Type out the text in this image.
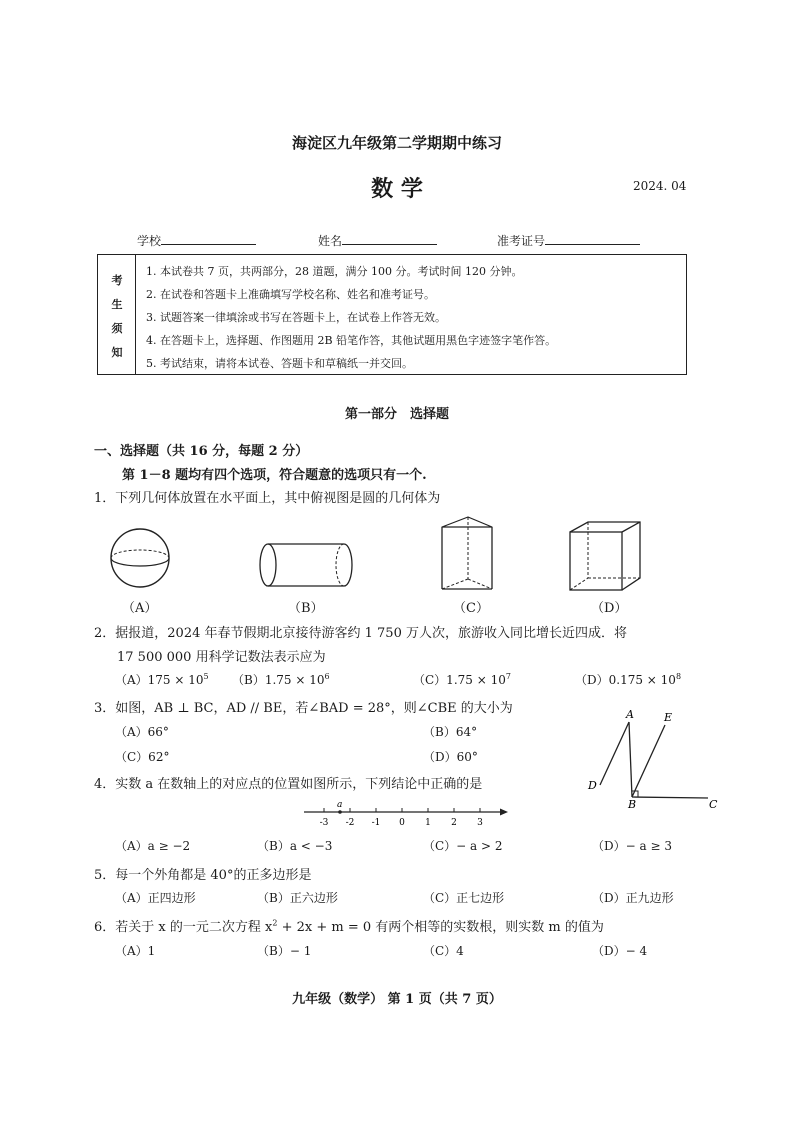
海淀区九年级第二学期期中练习
数 学	2024. 04
学校	姓名	准考证号
考
生
须
知
1. 本试卷共 7 页，共两部分，28 道题，满分 100 分。考试时间 120 分钟。
2. 在试卷和答题卡上准确填写学校名称、姓名和准考证号。
3. 试题答案一律填涂或书写在答题卡上，在试卷上作答无效。
4. 在答题卡上，选择题、作图题用 2B 铅笔作答，其他试题用黑色字迹签字笔作答。
5. 考试结束，请将本试卷、答题卡和草稿纸一并交回。
第一部分　选择题
一、选择题（共 16 分，每题 2 分）
第 1－8 题均有四个选项，符合题意的选项只有一个.
1．下列几何体放置在水平面上，其中俯视图是圆的几何体为
（A）	（B）	（C）	（D）
2．据报道，2024 年春节假期北京接待游客约 1 750 万人次，旅游收入同比增长近四成．将
17 500 000 用科学记数法表示应为
$(A)175 \times 10^5$ $(B)1.75 \times 10^6$	$(C)1.75 \times 10^7$	$(D)0.175 \times 10^8$
3．如图，AB ⊥ BC，AD // BE，若∠BAD = 28°，则∠CBE 的大小为
（A）66°	（B）64°
（C）62°	（D）60°
A	E
D
B	C
4．实数 a 在数轴上的对应点的位置如图所示，下列结论中正确的是
a
-3 -2 -1 0 1 2 3
（A）a ≥ −2	（B）a < −3	（C）− a > 2	（D）− a ≥ 3
5．每一个外角都是 40°的正多边形是
（A）正四边形	（B）正六边形	（C）正七边形	（D）正九边形
6．若关于 x 的一元二次方程 $x^2 + 2x + m = 0$ 有两个相等的实数根，则实数 m 的值为
（A）1	（B）− 1	（C）4	（D）− 4
九年级（数学） 第 1 页（共 7 页）
